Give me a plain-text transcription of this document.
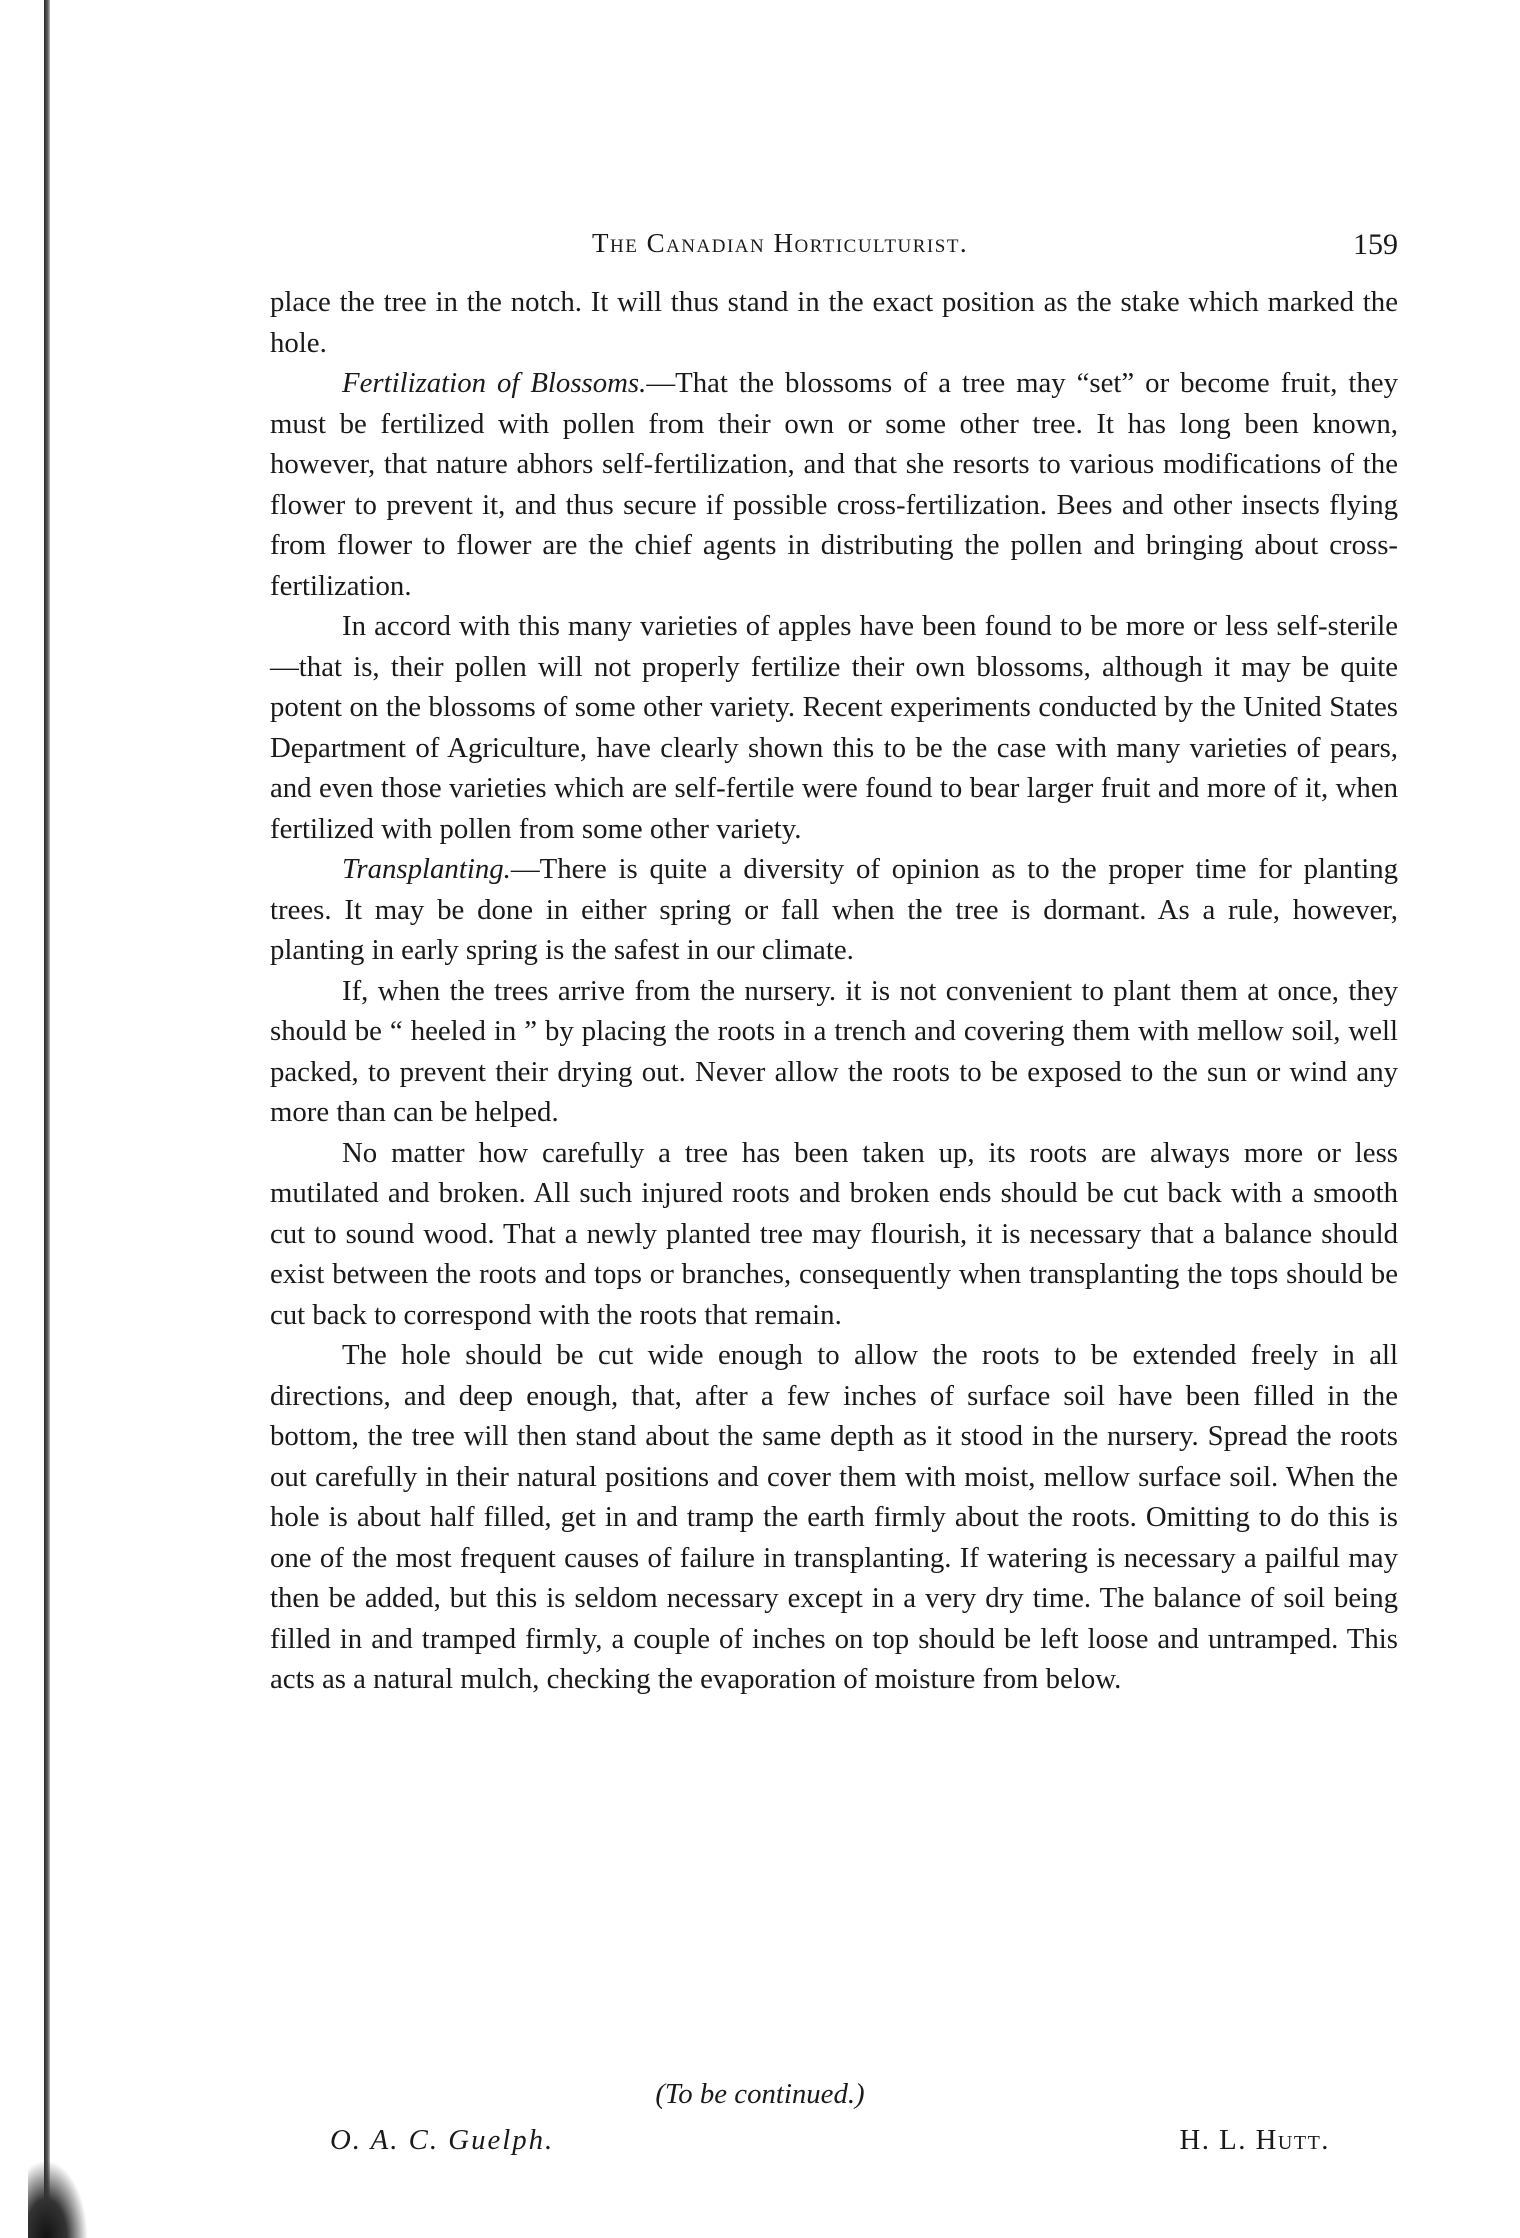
The Canadian Horticulturist.	159

place the tree in the notch. It will thus stand in the exact position as the stake which marked the hole.

Fertilization of Blossoms.—That the blossoms of a tree may “set” or become fruit, they must be fertilized with pollen from their own or some other tree. It has long been known, however, that nature abhors self-fertilization, and that she resorts to various modifications of the flower to prevent it, and thus secure if possible cross-fertilization. Bees and other insects flying from flower to flower are the chief agents in distributing the pollen and bringing about cross-fertilization.

In accord with this many varieties of apples have been found to be more or less self-sterile—that is, their pollen will not properly fertilize their own blossoms, although it may be quite potent on the blossoms of some other variety. Recent experiments conducted by the United States Department of Agriculture, have clearly shown this to be the case with many varieties of pears, and even those varieties which are self-fertile were found to bear larger fruit and more of it, when fertilized with pollen from some other variety.

Transplanting.—There is quite a diversity of opinion as to the proper time for planting trees. It may be done in either spring or fall when the tree is dormant. As a rule, however, planting in early spring is the safest in our climate.

If, when the trees arrive from the nursery. it is not convenient to plant them at once, they should be “ heeled in ” by placing the roots in a trench and covering them with mellow soil, well packed, to prevent their drying out. Never allow the roots to be exposed to the sun or wind any more than can be helped.

No matter how carefully a tree has been taken up, its roots are always more or less mutilated and broken. All such injured roots and broken ends should be cut back with a smooth cut to sound wood. That a newly planted tree may flourish, it is necessary that a balance should exist between the roots and tops or branches, consequently when transplanting the tops should be cut back to correspond with the roots that remain.

The hole should be cut wide enough to allow the roots to be extended freely in all directions, and deep enough, that, after a few inches of surface soil have been filled in the bottom, the tree will then stand about the same depth as it stood in the nursery. Spread the roots out carefully in their natural positions and cover them with moist, mellow surface soil. When the hole is about half filled, get in and tramp the earth firmly about the roots. Omitting to do this is one of the most frequent causes of failure in transplanting. If watering is necessary a pailful may then be added, but this is seldom necessary except in a very dry time. The balance of soil being filled in and tramped firmly, a couple of inches on top should be left loose and untramped. This acts as a natural mulch, checking the evaporation of moisture from below.

(To be continued.)
O. A. C. Guelph.	H. L. Hutt.
